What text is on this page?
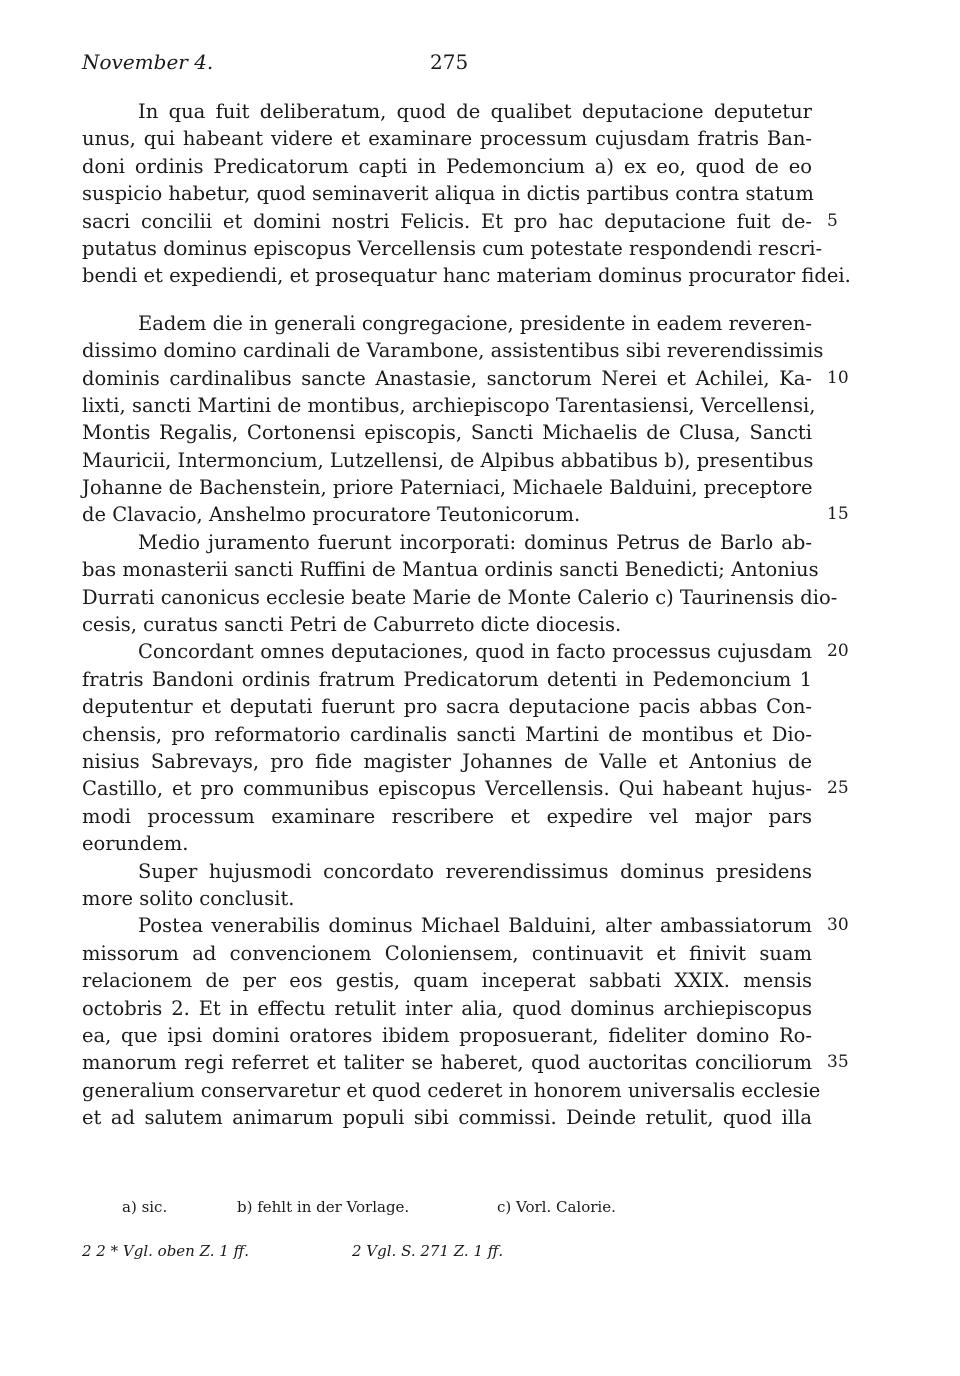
November 4.	275
In qua fuit deliberatum, quod de qualibet deputacione deputetur
unus, qui habeant videre et examinare processum cujusdam fratris Ban-
doni ordinis Predicatorum capti in Pedemoncium a) ex eo, quod de eo
suspicio habetur, quod seminaverit aliqua in dictis partibus contra statum
sacri concilii et domini nostri Felicis. Et pro hac deputacione fuit de- 5
putatus dominus episcopus Vercellensis cum potestate respondendi rescri-
bendi et expediendi, et prosequatur hanc materiam dominus procurator fidei.
Eadem die in generali congregacione, presidente in eadem reveren-
dissimo domino cardinali de Varambone, assistentibus sibi reverendissimis
dominis cardinalibus sancte Anastasie, sanctorum Nerei et Achilei, Ka- 10
lixti, sancti Martini de montibus, archiepiscopo Tarentasiensi, Vercellensi,
Montis Regalis, Cortonensi episcopis, Sancti Michaelis de Clusa, Sancti
Mauricii, Intermoncium, Lutzellensi, de Alpibus abbatibus b), presentibus
Johanne de Bachenstein, priore Paterniaci, Michaele Balduini, preceptore
de Clavacio, Anshelmo procuratore Teutonicorum.	15
Medio juramento fuerunt incorporati: dominus Petrus de Barlo ab-
bas monasterii sancti Ruffini de Mantua ordinis sancti Benedicti; Antonius
Durrati canonicus ecclesie beate Marie de Monte Calerio c) Taurinensis dio-
cesis, curatus sancti Petri de Caburreto dicte diocesis.
Concordant omnes deputaciones, quod in facto processus cujusdam 20
fratris Bandoni ordinis fratrum Predicatorum detenti in Pedemoncium 1
deputentur et deputati fuerunt pro sacra deputacione pacis abbas Con-
chensis, pro reformatorio cardinalis sancti Martini de montibus et Dio-
nisius Sabrevays, pro fide magister Johannes de Valle et Antonius de
Castillo, et pro communibus episcopus Vercellensis. Qui habeant hujus- 25
modi processum examinare rescribere et expedire vel major pars
eorundem.
Super hujusmodi concordato reverendissimus dominus presidens
more solito conclusit.
Postea venerabilis dominus Michael Balduini, alter ambassiatorum 30
missorum ad convencionem Coloniensem, continuavit et finivit suam
relacionem de per eos gestis, quam inceperat sabbati XXIX. mensis
octobris 2. Et in effectu retulit inter alia, quod dominus archiepiscopus
ea, que ipsi domini oratores ibidem proposuerant, fideliter domino Ro-
manorum regi referret et taliter se haberet, quod auctoritas conciliorum 35
generalium conservaretur et quod cederet in honorem universalis ecclesie
et ad salutem animarum populi sibi commissi. Deinde retulit, quod illa
a) sic.	b) fehlt in der Vorlage.	c) Vorl. Calorie.
2 2 * Vgl. oben Z. 1 ff.	2 Vgl. S. 271 Z. 1 ff.
